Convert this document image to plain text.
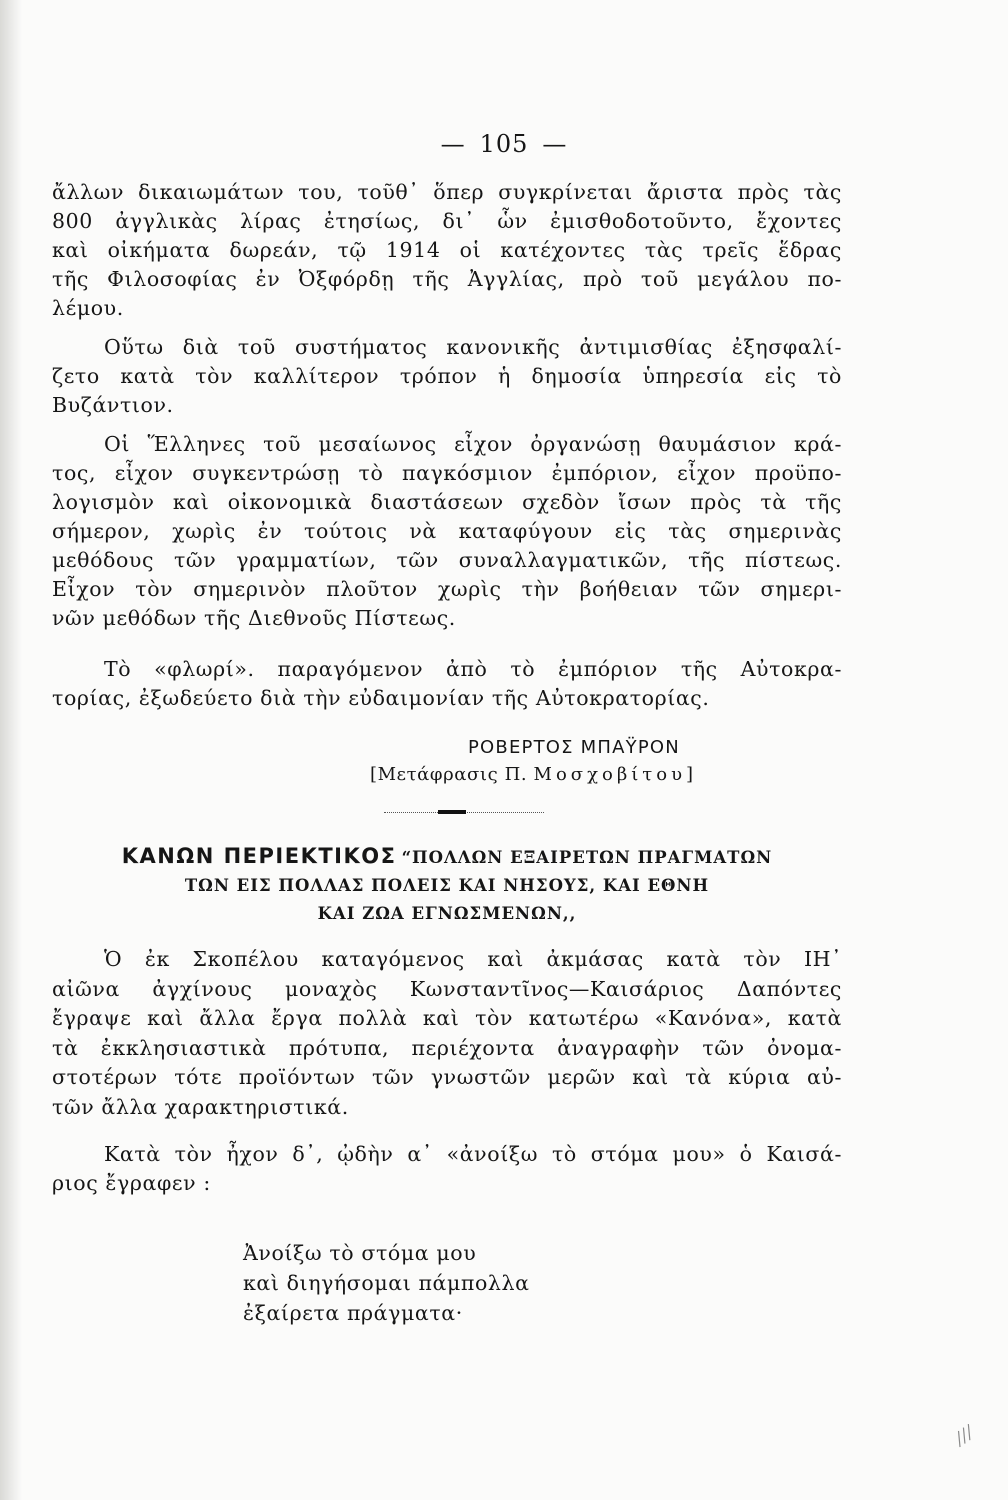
— 105 —
ἄλλων δικαιωμάτων του, τοῦθ᾽ ὅπερ συγκρίνεται ἄριστα πρὸς τὰς
800 ἀγγλικὰς λίρας ἐτησίως, δι᾽ ὧν ἐμισθοδοτοῦντο, ἔχοντες
καὶ οἰκήματα δωρεάν, τῷ 1914 οἱ κατέχοντες τὰς τρεῖς ἕδρας
τῆς Φιλοσοφίας ἐν Ὀξφόρδῃ τῆς Ἀγγλίας, πρὸ τοῦ μεγάλου πο-
λέμου.
Οὕτω διὰ τοῦ συστήματος κανονικῆς ἀντιμισθίας ἐξησφαλί-
ζετο κατὰ τὸν καλλίτερον τρόπον ἡ δημοσία ὑπηρεσία εἰς τὸ
Βυζάντιον.
Οἱ Ἕλληνες τοῦ μεσαίωνος εἶχον ὀργανώσῃ θαυμάσιον κρά-
τος, εἶχον συγκεντρώσῃ τὸ παγκόσμιον ἐμπόριον, εἶχον προϋπο-
λογισμὸν καὶ οἰκονομικὰ διαστάσεων σχεδὸν ἴσων πρὸς τὰ τῆς
σήμερον, χωρὶς ἐν τούτοις νὰ καταφύγουν εἰς τὰς σημερινὰς
μεθόδους τῶν γραμματίων, τῶν συναλλαγματικῶν, τῆς πίστεως.
Εἶχον τὸν σημερινὸν πλοῦτον χωρὶς τὴν βοήθειαν τῶν σημερι-
νῶν μεθόδων τῆς Διεθνοῦς Πίστεως.
Τὸ «φλωρί». παραγόμενον ἀπὸ τὸ ἐμπόριον τῆς Αὐτοκρα-
τορίας, ἐξωδεύετο διὰ τὴν εὐδαιμονίαν τῆς Αὐτοκρατορίας.
ΡΟΒΕΡΤΟΣ ΜΠΑΫΡΟΝ
[Μετάφρασις Π. Μοσχοβίτου]
ΚΑΝΩΝ ΠΕΡΙΕΚΤΙΚΟΣ “ΠΟΛΛΩΝ ΕΞΑΙΡΕΤΩΝ ΠΡΑΓΜΑΤΩΝ
ΤΩΝ ΕΙΣ ΠΟΛΛΑΣ ΠΟΛΕΙΣ ΚΑΙ ΝΗΣΟΥΣ, ΚΑΙ ΕΘΝΗ
ΚΑΙ ΖΩΑ ΕΓΝΩΣΜΕΝΩΝ,,
Ὁ ἐκ Σκοπέλου καταγόμενος καὶ ἀκμάσας κατὰ τὸν ΙΗ᾽
αἰῶνα ἀγχίνους μοναχὸς Κωνσταντῖνος—Καισάριος Δαπόντες
ἔγραψε καὶ ἄλλα ἔργα πολλὰ καὶ τὸν κατωτέρω «Κανόνα», κατὰ
τὰ ἐκκλησιαστικὰ πρότυπα, περιέχοντα ἀναγραφὴν τῶν ὀνομα-
στοτέρων τότε προϊόντων τῶν γνωστῶν μερῶν καὶ τὰ κύρια αὐ-
τῶν ἄλλα χαρακτηριστικά.
Κατὰ τὸν ἦχον δ᾽, ᾠδὴν α᾽ «ἀνοίξω τὸ στόμα μου» ὁ Καισά-
ριος ἔγραφεν :
Ἀνοίξω τὸ στόμα μου
καὶ διηγήσομαι πάμπολλα
ἐξαίρετα πράγματα·
